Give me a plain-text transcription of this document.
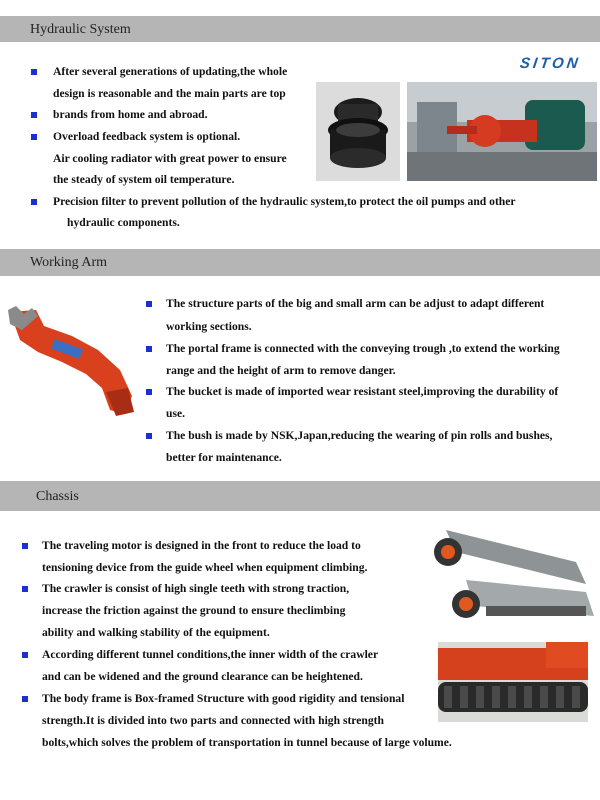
Hydraulic System
Working Arm
Chassis
SITON
After several generations of updating,the whole
design is reasonable and the main parts are top
brands from home and abroad.
Overload feedback system is optional.
Air cooling radiator with great power to ensure
the steady of system oil temperature.
Precision filter to prevent pollution of the hydraulic system,to protect the oil pumps and other
hydraulic components.
The structure parts of the big and small arm can be adjust to adapt different
working sections.
The portal frame is connected with the conveying trough ,to extend the working
range and the height of arm to remove danger.
The bucket is made of imported wear resistant steel,improving the durability of
use.
The bush is made by NSK,Japan,reducing the wearing of pin rolls and bushes,
better for maintenance.
The traveling motor is designed in the front to reduce the load to
tensioning device from the guide wheel when equipment climbing.
The crawler is consist of high single teeth with strong traction,
increase the friction against the ground to ensure theclimbing
ability and walking stability of the equipment.
According different tunnel conditions,the inner width of the crawler
and can be widened and the ground clearance can be heightened.
The body frame is Box-framed Structure with good rigidity and tensional
strength.It is divided into two parts and connected with high strength
bolts,which solves the problem of transportation in tunnel because of large volume.
